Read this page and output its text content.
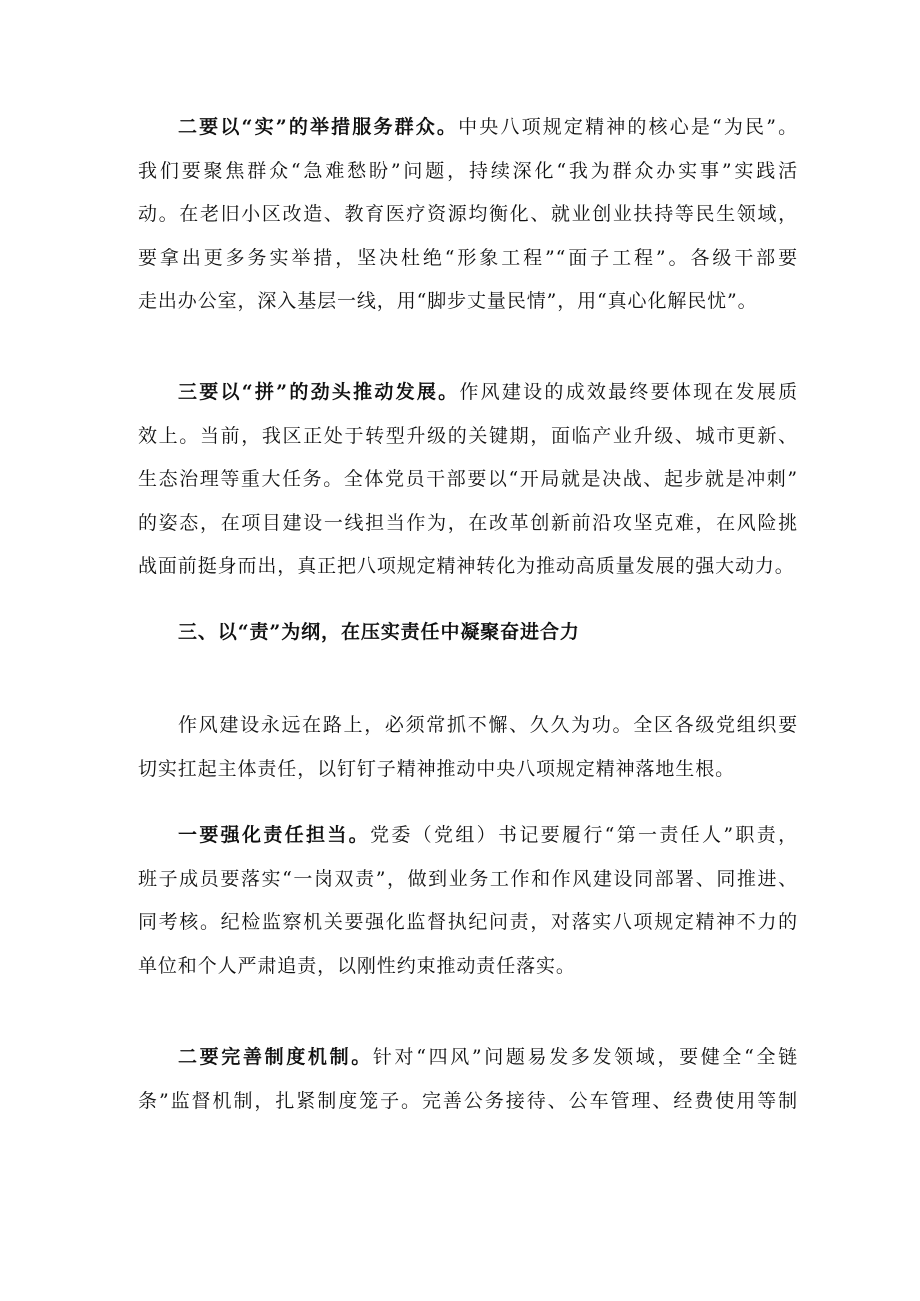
二要以“实”的举措服务群众。中央八项规定精神的核心是“为民”。
我们要聚焦群众“急难愁盼”问题，持续深化“我为群众办实事”实践活
动。在老旧小区改造、教育医疗资源均衡化、就业创业扶持等民生领域，
要拿出更多务实举措，坚决杜绝“形象工程”“面子工程”。各级干部要
走出办公室，深入基层一线，用“脚步丈量民情”，用“真心化解民忧”。

三要以“拼”的劲头推动发展。作风建设的成效最终要体现在发展质
效上。当前，我区正处于转型升级的关键期，面临产业升级、城市更新、
生态治理等重大任务。全体党员干部要以“开局就是决战、起步就是冲刺”
的姿态，在项目建设一线担当作为，在改革创新前沿攻坚克难，在风险挑
战面前挺身而出，真正把八项规定精神转化为推动高质量发展的强大动力。

三、以“责”为纲，在压实责任中凝聚奋进合力

作风建设永远在路上，必须常抓不懈、久久为功。全区各级党组织要
切实扛起主体责任，以钉钉子精神推动中央八项规定精神落地生根。

一要强化责任担当。党委（党组）书记要履行“第一责任人”职责，
班子成员要落实“一岗双责”，做到业务工作和作风建设同部署、同推进、
同考核。纪检监察机关要强化监督执纪问责，对落实八项规定精神不力的
单位和个人严肃追责，以刚性约束推动责任落实。

二要完善制度机制。针对“四风”问题易发多发领域，要健全“全链
条”监督机制，扎紧制度笼子。完善公务接待、公车管理、经费使用等制
